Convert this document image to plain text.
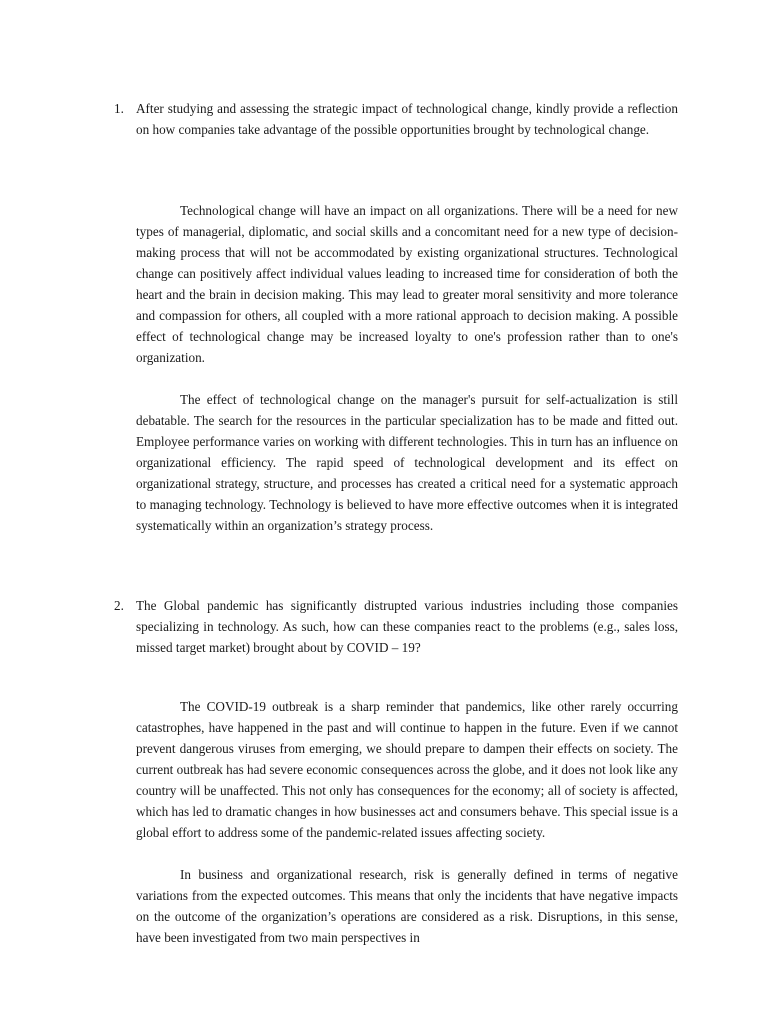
1. After studying and assessing the strategic impact of technological change, kindly provide a reflection on how companies take advantage of the possible opportunities brought by technological change.

Technological change will have an impact on all organizations. There will be a need for new types of managerial, diplomatic, and social skills and a concomitant need for a new type of decision-making process that will not be accommodated by existing organizational structures. Technological change can positively affect individual values leading to increased time for consideration of both the heart and the brain in decision making. This may lead to greater moral sensitivity and more tolerance and compassion for others, all coupled with a more rational approach to decision making. A possible effect of technological change may be increased loyalty to one's profession rather than to one's organization.

The effect of technological change on the manager's pursuit for self-actualization is still debatable. The search for the resources in the particular specialization has to be made and fitted out. Employee performance varies on working with different technologies. This in turn has an influence on organizational efficiency. The rapid speed of technological development and its effect on organizational strategy, structure, and processes has created a critical need for a systematic approach to managing technology. Technology is believed to have more effective outcomes when it is integrated systematically within an organization’s strategy process.

2. The Global pandemic has significantly distrupted various industries including those companies specializing in technology. As such, how can these companies react to the problems (e.g., sales loss, missed target market) brought about by COVID – 19?

The COVID-19 outbreak is a sharp reminder that pandemics, like other rarely occurring catastrophes, have happened in the past and will continue to happen in the future. Even if we cannot prevent dangerous viruses from emerging, we should prepare to dampen their effects on society. The current outbreak has had severe economic consequences across the globe, and it does not look like any country will be unaffected. This not only has consequences for the economy; all of society is affected, which has led to dramatic changes in how businesses act and consumers behave. This special issue is a global effort to address some of the pandemic-related issues affecting society.

In business and organizational research, risk is generally defined in terms of negative variations from the expected outcomes. This means that only the incidents that have negative impacts on the outcome of the organization’s operations are considered as a risk. Disruptions, in this sense, have been investigated from two main perspectives in
